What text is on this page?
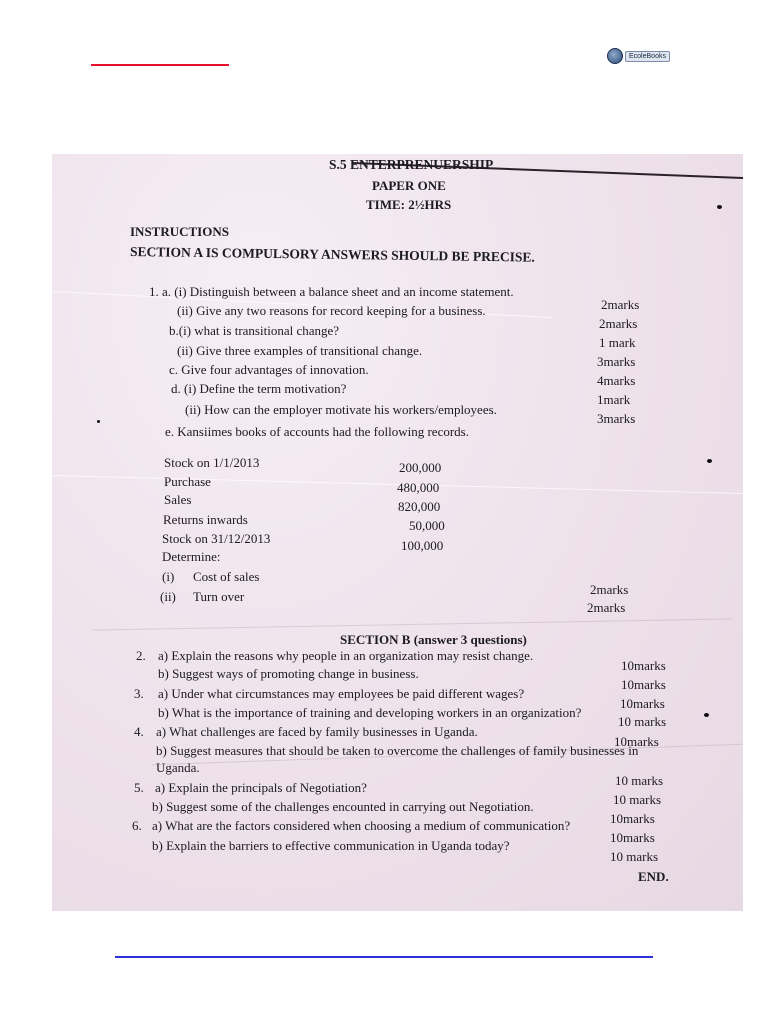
EcoleBooks
S.5 ENTERPRENUERSHIP
PAPER ONE
TIME: 2½HRS
INSTRUCTIONS
SECTION A IS COMPULSORY ANSWERS SHOULD BE PRECISE.
1. a. (i) Distinguish between a balance sheet and an income statement.
2marks
(ii) Give any two reasons for record keeping for a business.
2marks
b.(i) what is transitional change?
1 mark
(ii) Give three examples of transitional change.
3marks
c. Give four advantages of innovation.
4marks
d. (i) Define the term motivation?
1mark
(ii) How can the employer motivate his workers/employees.
3marks
e. Kansiimes books of accounts had the following records.
Stock on 1/1/2013	200,000
Purchase	480,000
Sales	820,000
Returns inwards	50,000
Stock on 31/12/2013	100,000
Determine:
(i) Cost of sales
2marks
(ii) Turn over
2marks
SECTION B (answer 3 questions)
2. a) Explain the reasons why people in an organization may resist change.
10marks
b) Suggest ways of promoting change in business.
10marks
3. a) Under what circumstances may employees be paid different wages?
10marks
b) What is the importance of training and developing workers in an organization?
10 marks
4. a) What challenges are faced by family businesses in Uganda.
10marks
b) Suggest measures that should be taken to overcome the challenges of family businesses in
Uganda.
10 marks
5. a) Explain the principals of Negotiation?
10 marks
b) Suggest some of the challenges encounted in carrying out Negotiation.
10marks
6. a) What are the factors considered when choosing a medium of communication?
10marks
b) Explain the barriers to effective communication in Uganda today?
10 marks
END.
